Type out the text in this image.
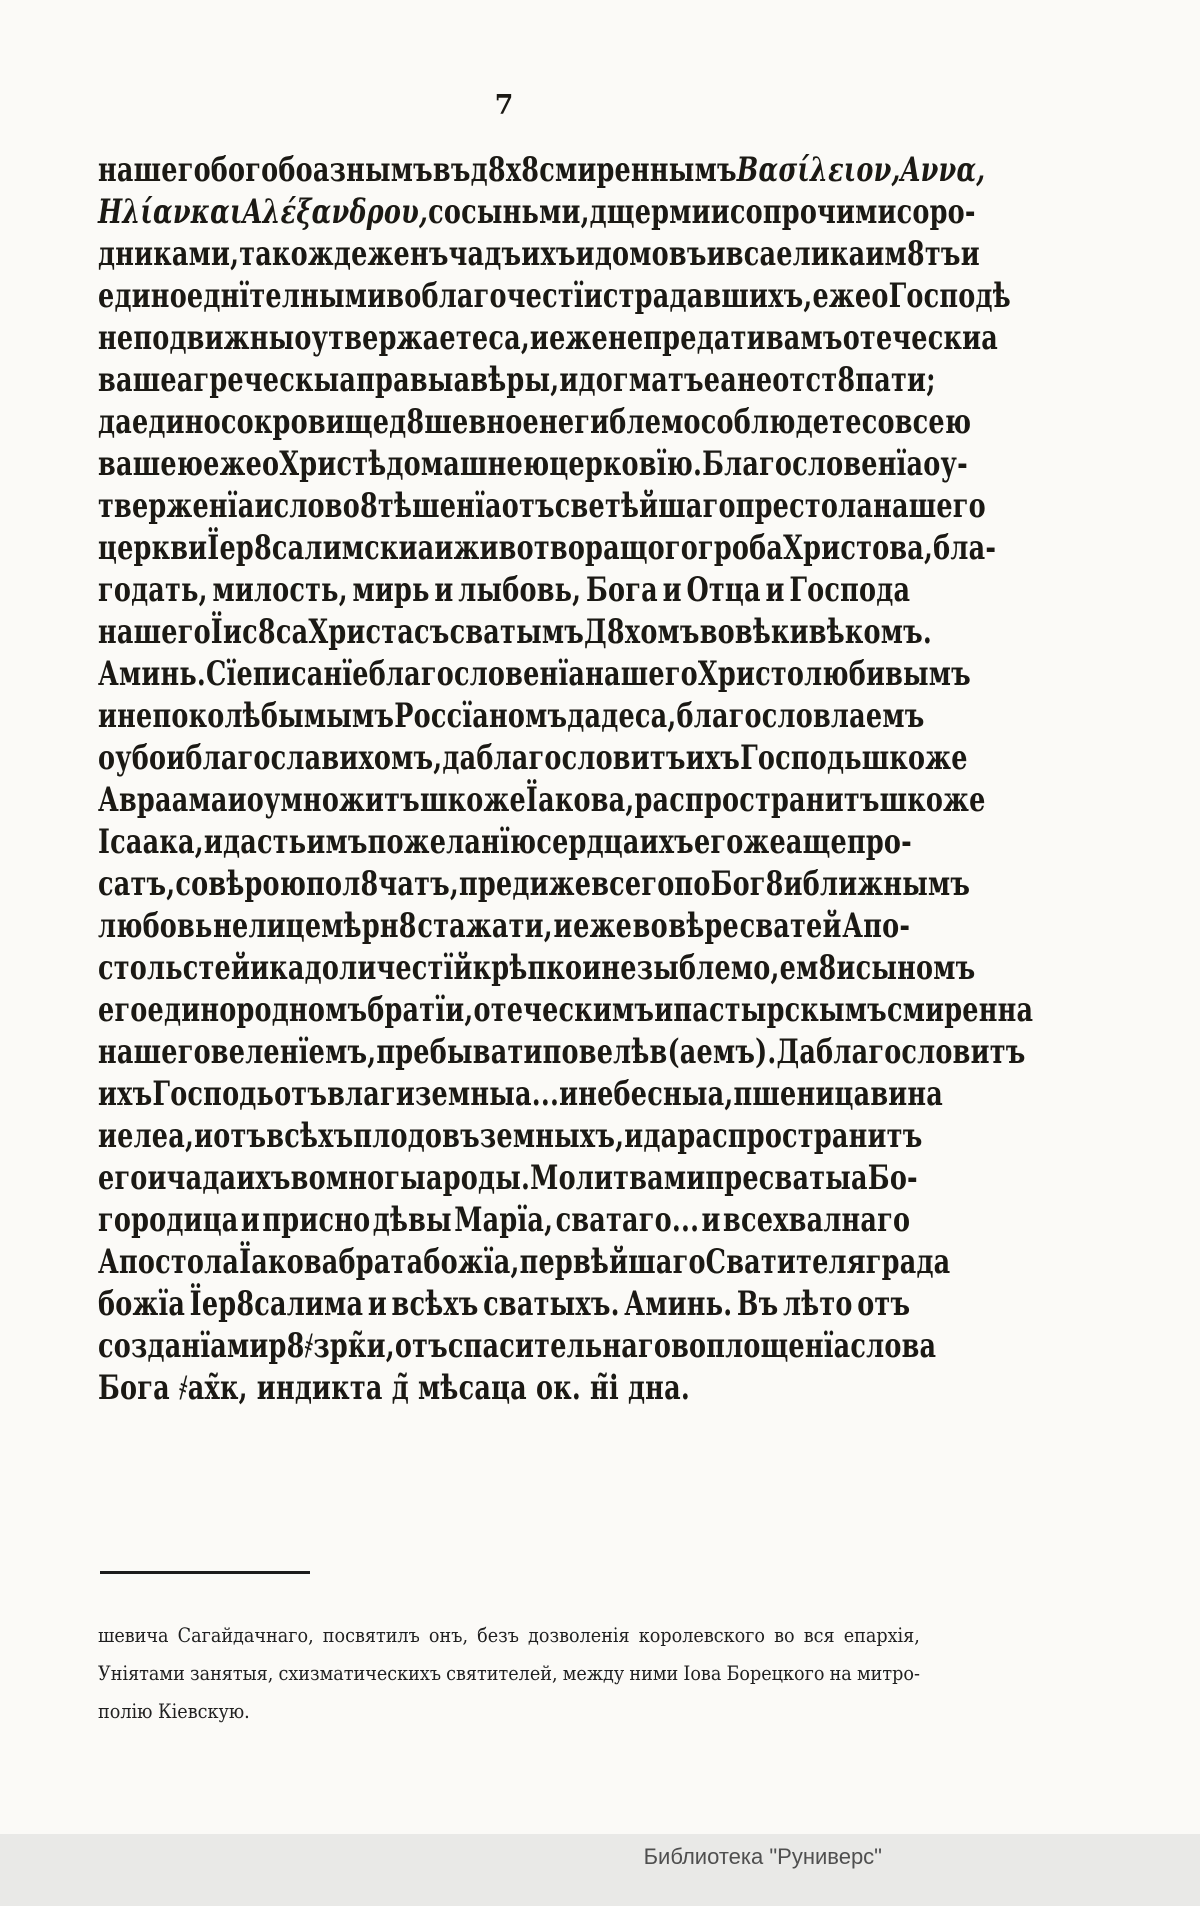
7
нашего богобоазнымъ въ д8х8 смиреннымъ Βασίλειον, Αννα,
Ηλίαν και Αλέξανδρου, со сыньми, дщерми и со прочими соро-
дниками, такожде женъ чадъ ихъ и домовъ и вса елика им8тъ и
едино еднїтелными во благочестїи страдавшихъ, еже о Господѣ
неподвижны оутвержаетеса, и еже не предати вамъ отеческиа
вашеа греческыа правыа вѣры, и догматъ еа неотст8пати;
да едино сокровище д8шевное негиблемо соблюдете со всею
вашею еже о Христѣ домашнею церковїю. Благословенїа оу-
тверженїа и слово8тѣшенїа отъ светѣйшаго престола нашего
церкви Їер8салимскиа и животворащого гроба Христова, бла-
годать, милость, мирь и лыбовь, Бога и Отца и Господа
нашего Їис8са Христа съ сватымъ Д8хомъ во вѣки вѣкомъ.
Аминь. Сїе писанїе благословенїа нашего Христолюбивымъ
и непоколѣбымымъ Россїаномъ дадеса, благословлаемъ
оубо и благославихомъ, да благословитъ ихъ Господь шкоже
Авраама и оумножитъ шкоже Їакова, распространитъ шкоже
Ісаака, и дасть имъ пожеланїю сердца ихъ егоже аще про-
сатъ, со вѣрою пол8чатъ, предиже всего по Бог8 и ближнымъ
любовь нелицемѣрн8 стажати, и еже во вѣре сватей Апо-
стольстей и кадоличестїй крѣпко и незыблемо, ем8 и сыномъ
его единородномъ братїи, отеческимъ и пастырскымъ смиренна
нашего веленїемъ, пребывати повелѣв(аемъ). Да благословитъ
ихъ Господь отъ влаги земныа... и небесныа, пшеница вина
и елеа, и отъ всѣхъ плодовъ земныхъ, и да распространитъ
его и чада ихъ во многыа роды. Молитвами пресватыа Бо-
городица и присно дѣвы Марїа, сватаго... и всехвалнаго
Апостола Їакова брата божїа, первѣйшаго Сватителя града
божїа Їер8салима и всѣхъ сватыхъ. Аминь. Въ лѣто отъ
созданїа мир8 ҂зрк̃и, отъ спасительнаго воплощенїа слова
Бога ҂ах̃к, индикта д̃ мѣсаца ок. н̃і дна.
шевича Сагайдачнаго, посвятилъ онъ, безъ дозволенія королевского во вся епархія,
Уніятами занятыя, схизматическихъ святителей, между ними Іова Борецкого на митро-
полію Кіевскую.
Библиотека "Руниверс"
